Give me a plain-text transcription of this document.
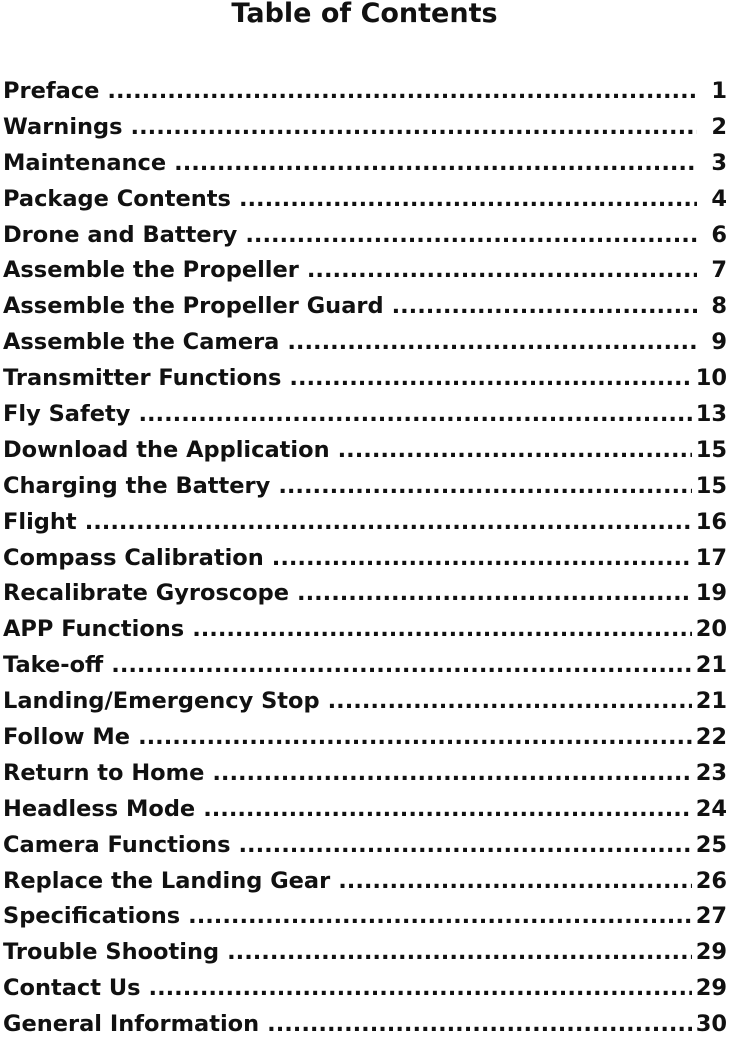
Table of Contents
Preface .....	1
Warnings .....	2
Maintenance .....	3
Package Contents .....	4
Drone and Battery .....	6
Assemble the Propeller .....	7
Assemble the Propeller Guard .....	8
Assemble the Camera .....	9
Transmitter Functions .....	10
Fly Safety .....	13
Download the Application .....	15
Charging the Battery .....	15
Flight .....	16
Compass Calibration .....	17
Recalibrate Gyroscope .....	19
APP Functions .....	20
Take-off .....	21
Landing/Emergency Stop .....	21
Follow Me .....	22
Return to Home .....	23
Headless Mode .....	24
Camera Functions .....	25
Replace the Landing Gear .....	26
Specifications .....	27
Trouble Shooting .....	29
Contact Us .....	29
General Information .....	30
